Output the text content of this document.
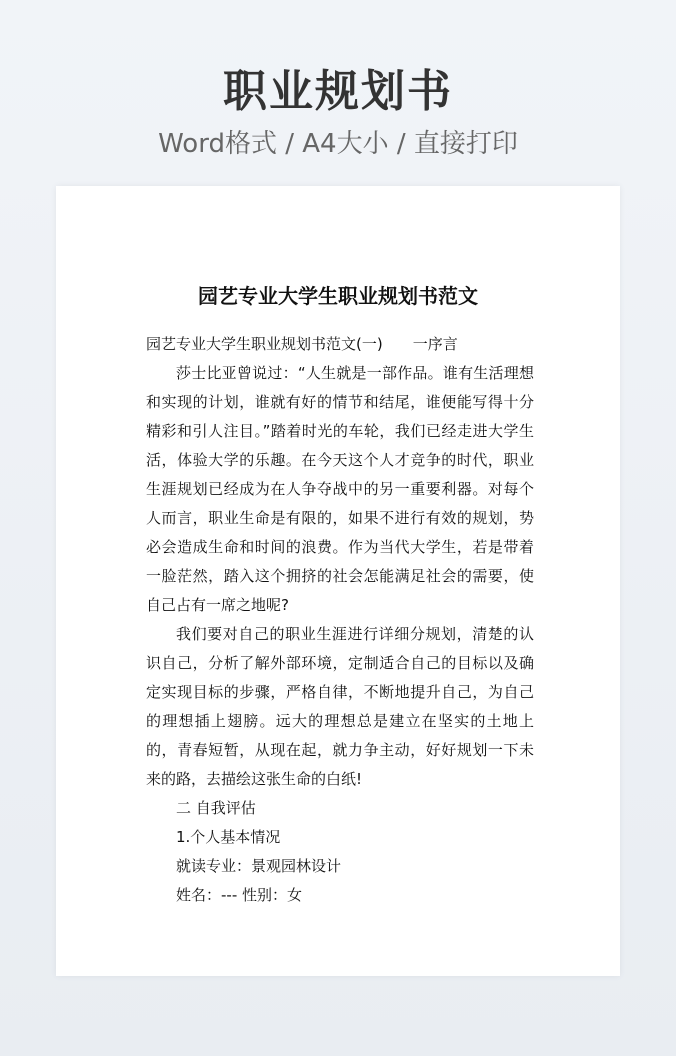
职业规划书
Word格式 / A4大小 / 直接打印
园艺专业大学生职业规划书范文
园艺专业大学生职业规划书范文(一) 一序言

莎士比亚曾说过：“人生就是一部作品。谁有生活理想和实现的计划，谁就有好的情节和结尾，谁便能写得十分精彩和引人注目。”踏着时光的车轮，我们已经走进大学生活，体验大学的乐趣。在今天这个人才竞争的时代，职业生涯规划已经成为在人争夺战中的另一重要利器。对每个人而言，职业生命是有限的，如果不进行有效的规划，势必会造成生命和时间的浪费。作为当代大学生，若是带着一脸茫然，踏入这个拥挤的社会怎能满足社会的需要，使自己占有一席之地呢?

我们要对自己的职业生涯进行详细分规划，清楚的认识自己，分析了解外部环境，定制适合自己的目标以及确定实现目标的步骤，严格自律，不断地提升自己，为自己的理想插上翅膀。远大的理想总是建立在坚实的土地上的，青春短暂，从现在起，就力争主动，好好规划一下未来的路，去描绘这张生命的白纸!

二 自我评估
1.个人基本情况
就读专业：景观园林设计
姓名：--- 性别：女
